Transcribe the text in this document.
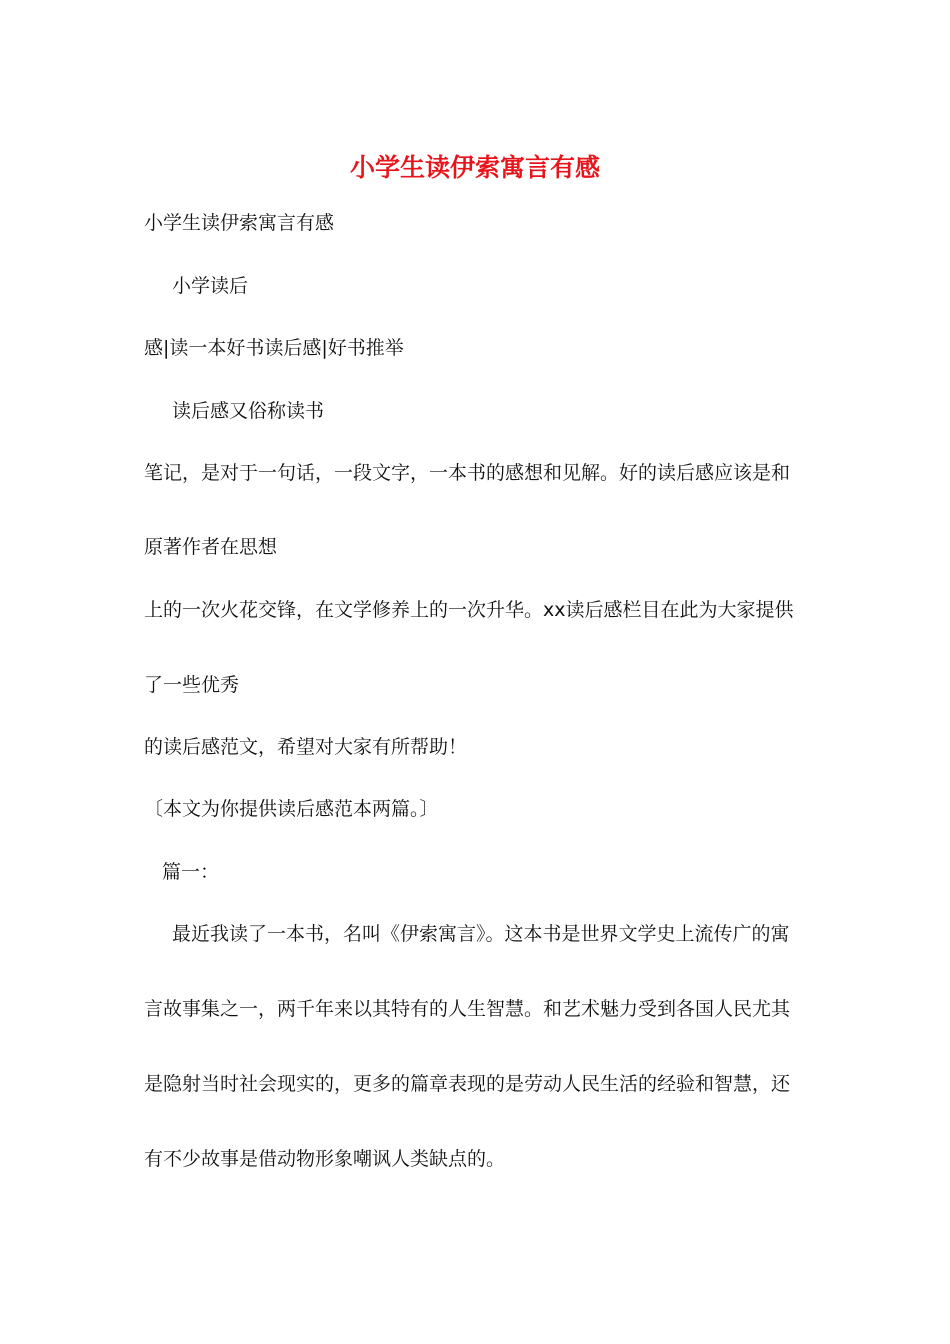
小学生读伊索寓言有感

小学生读伊索寓言有感

小学读后

感|读一本好书读后感|好书推举

读后感又俗称读书

笔记，是对于一句话，一段文字，一本书的感想和见解。好的读后感应该是和

原著作者在思想

上的一次火花交锋，在文学修养上的一次升华。xx读后感栏目在此为大家提供

了一些优秀

的读后感范文，希望对大家有所帮助！

〔本文为你提供读后感范本两篇。〕

篇一：

最近我读了一本书，名叫《伊索寓言》。这本书是世界文学史上流传广的寓

言故事集之一，两千年来以其特有的人生智慧。和艺术魅力受到各国人民尤其

是隐射当时社会现实的，更多的篇章表现的是劳动人民生活的经验和智慧，还

有不少故事是借动物形象嘲讽人类缺点的。
